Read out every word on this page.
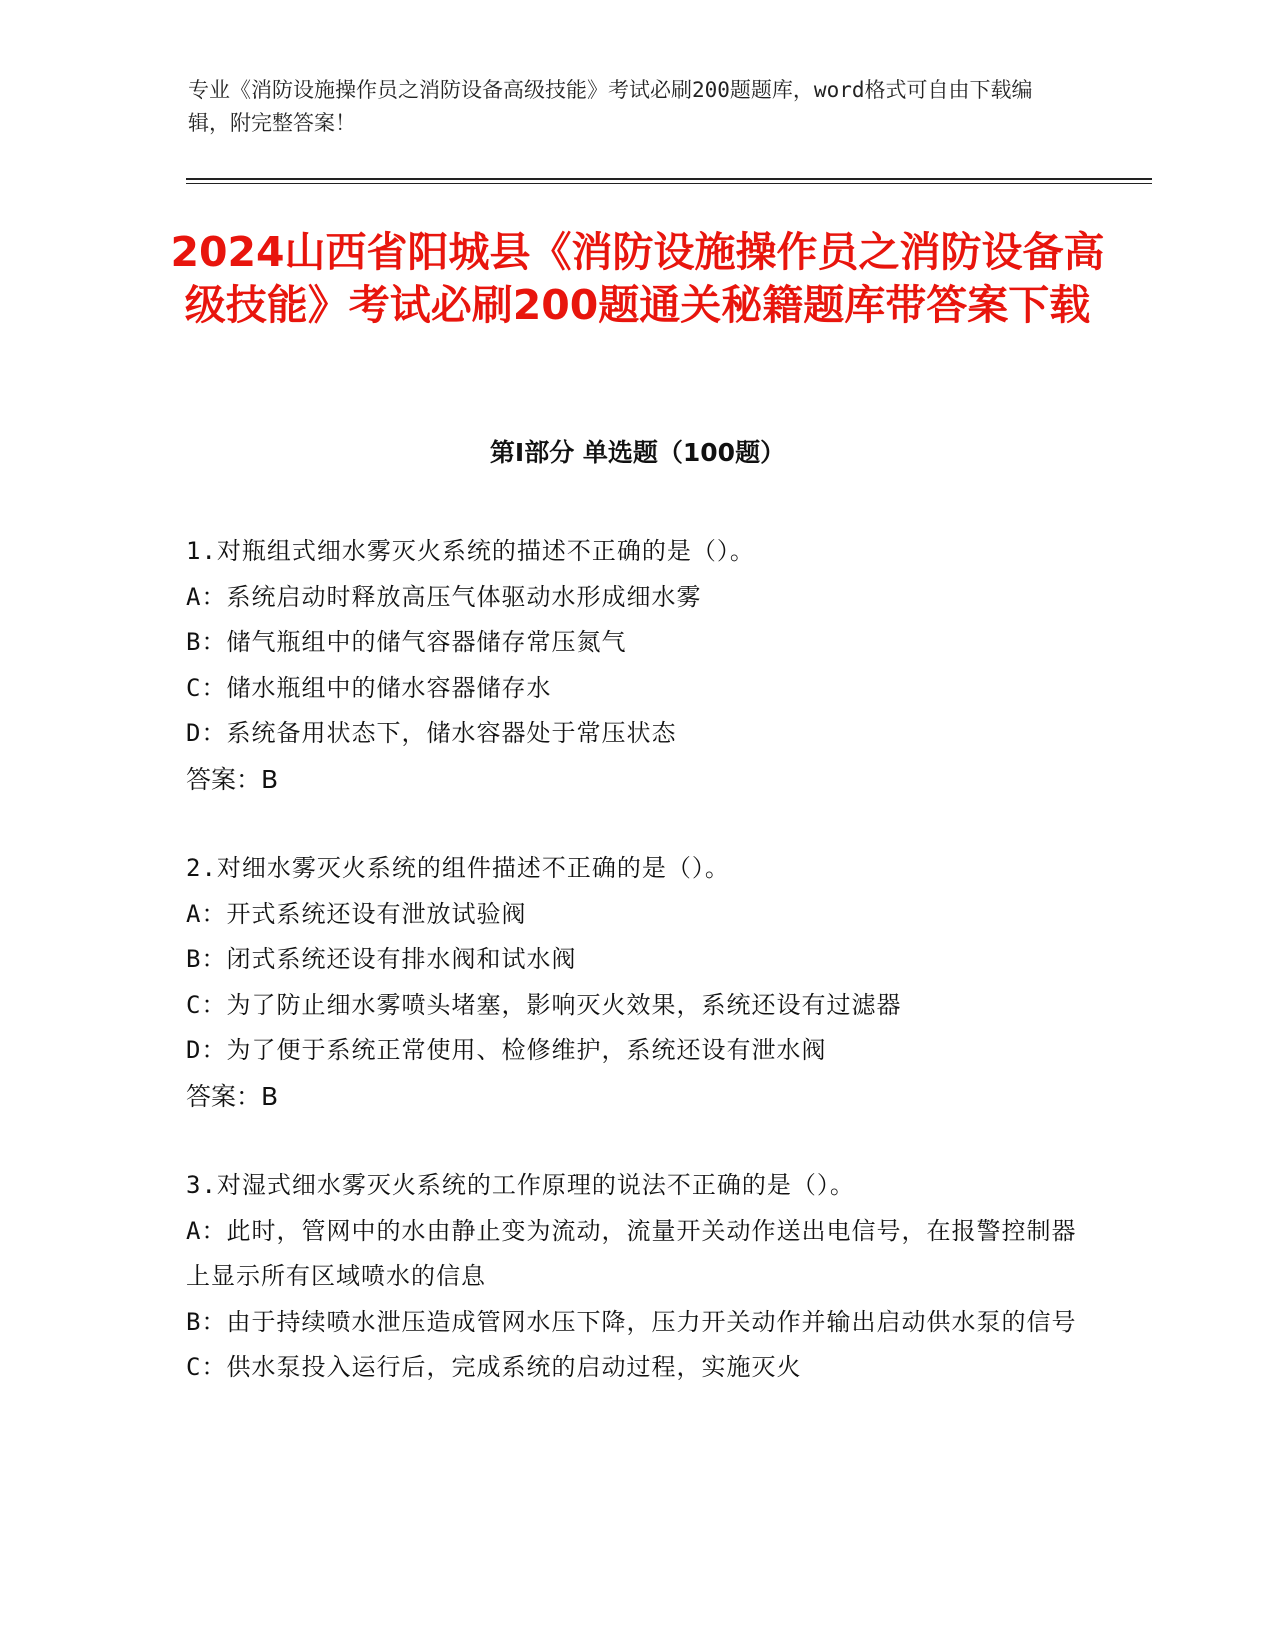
专业《消防设施操作员之消防设备高级技能》考试必刷200题题库，word格式可自由下载编辑，附完整答案！

2024山西省阳城县《消防设施操作员之消防设备高级技能》考试必刷200题通关秘籍题库带答案下载
第I部分 单选题（100题）
1.对瓶组式细水雾灭火系统的描述不正确的是（）。
A：系统启动时释放高压气体驱动水形成细水雾
B：储气瓶组中的储气容器储存常压氮气
C：储水瓶组中的储水容器储存水
D：系统备用状态下，储水容器处于常压状态
答案：B
2.对细水雾灭火系统的组件描述不正确的是（）。
A：开式系统还设有泄放试验阀
B：闭式系统还设有排水阀和试水阀
C：为了防止细水雾喷头堵塞，影响灭火效果，系统还设有过滤器
D：为了便于系统正常使用、检修维护，系统还设有泄水阀
答案：B
3.对湿式细水雾灭火系统的工作原理的说法不正确的是（）。
A：此时，管网中的水由静止变为流动，流量开关动作送出电信号，在报警控制器上显示所有区域喷水的信息
B：由于持续喷水泄压造成管网水压下降，压力开关动作并输出启动供水泵的信号
C：供水泵投入运行后，完成系统的启动过程，实施灭火
